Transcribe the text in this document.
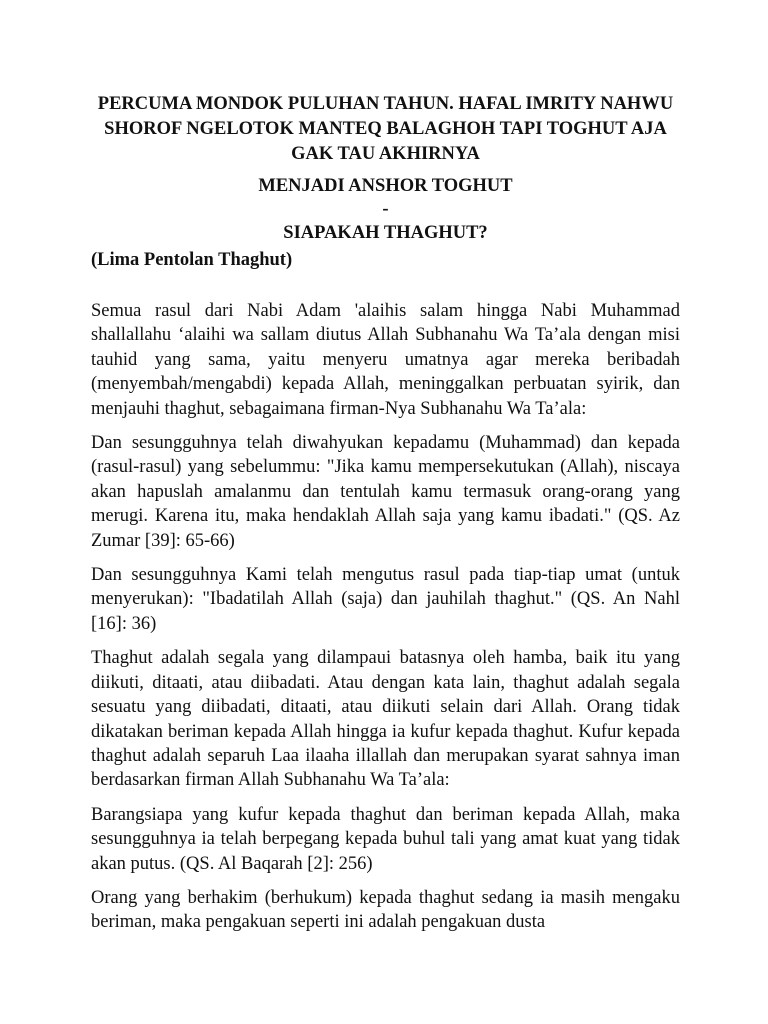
PERCUMA MONDOK PULUHAN TAHUN. HAFAL IMRITY NAHWU SHOROF NGELOTOK MANTEQ BALAGHOH TAPI TOGHUT AJA GAK TAU AKHIRNYA

MENJADI ANSHOR TOGHUT

-

SIAPAKAH THAGHUT?

(Lima Pentolan Thaghut)

Semua rasul dari Nabi Adam 'alaihis salam hingga Nabi Muhammad shallallahu ‘alaihi wa sallam diutus Allah Subhanahu Wa Ta’ala dengan misi tauhid yang sama, yaitu menyeru umatnya agar mereka beribadah (menyembah/mengabdi) kepada Allah, meninggalkan perbuatan syirik, dan menjauhi thaghut, sebagaimana firman-Nya Subhanahu Wa Ta’ala:

Dan sesungguhnya telah diwahyukan kepadamu (Muhammad) dan kepada (rasul-rasul) yang sebelummu: "Jika kamu mempersekutukan (Allah), niscaya akan hapuslah amalanmu dan tentulah kamu termasuk orang-orang yang merugi. Karena itu, maka hendaklah Allah saja yang kamu ibadati." (QS. Az Zumar [39]: 65-66)

Dan sesungguhnya Kami telah mengutus rasul pada tiap-tiap umat (untuk menyerukan): "Ibadatilah Allah (saja) dan jauhilah thaghut." (QS. An Nahl [16]: 36)

Thaghut adalah segala yang dilampaui batasnya oleh hamba, baik itu yang diikuti, ditaati, atau diibadati. Atau dengan kata lain, thaghut adalah segala sesuatu yang diibadati, ditaati, atau diikuti selain dari Allah. Orang tidak dikatakan beriman kepada Allah hingga ia kufur kepada thaghut. Kufur kepada thaghut adalah separuh Laa ilaaha illallah dan merupakan syarat sahnya iman berdasarkan firman Allah Subhanahu Wa Ta’ala:

Barangsiapa yang kufur kepada thaghut dan beriman kepada Allah, maka sesungguhnya ia telah berpegang kepada buhul tali yang amat kuat yang tidak akan putus. (QS. Al Baqarah [2]: 256)

Orang yang berhakim (berhukum) kepada thaghut sedang ia masih mengaku beriman, maka pengakuan seperti ini adalah pengakuan dusta
